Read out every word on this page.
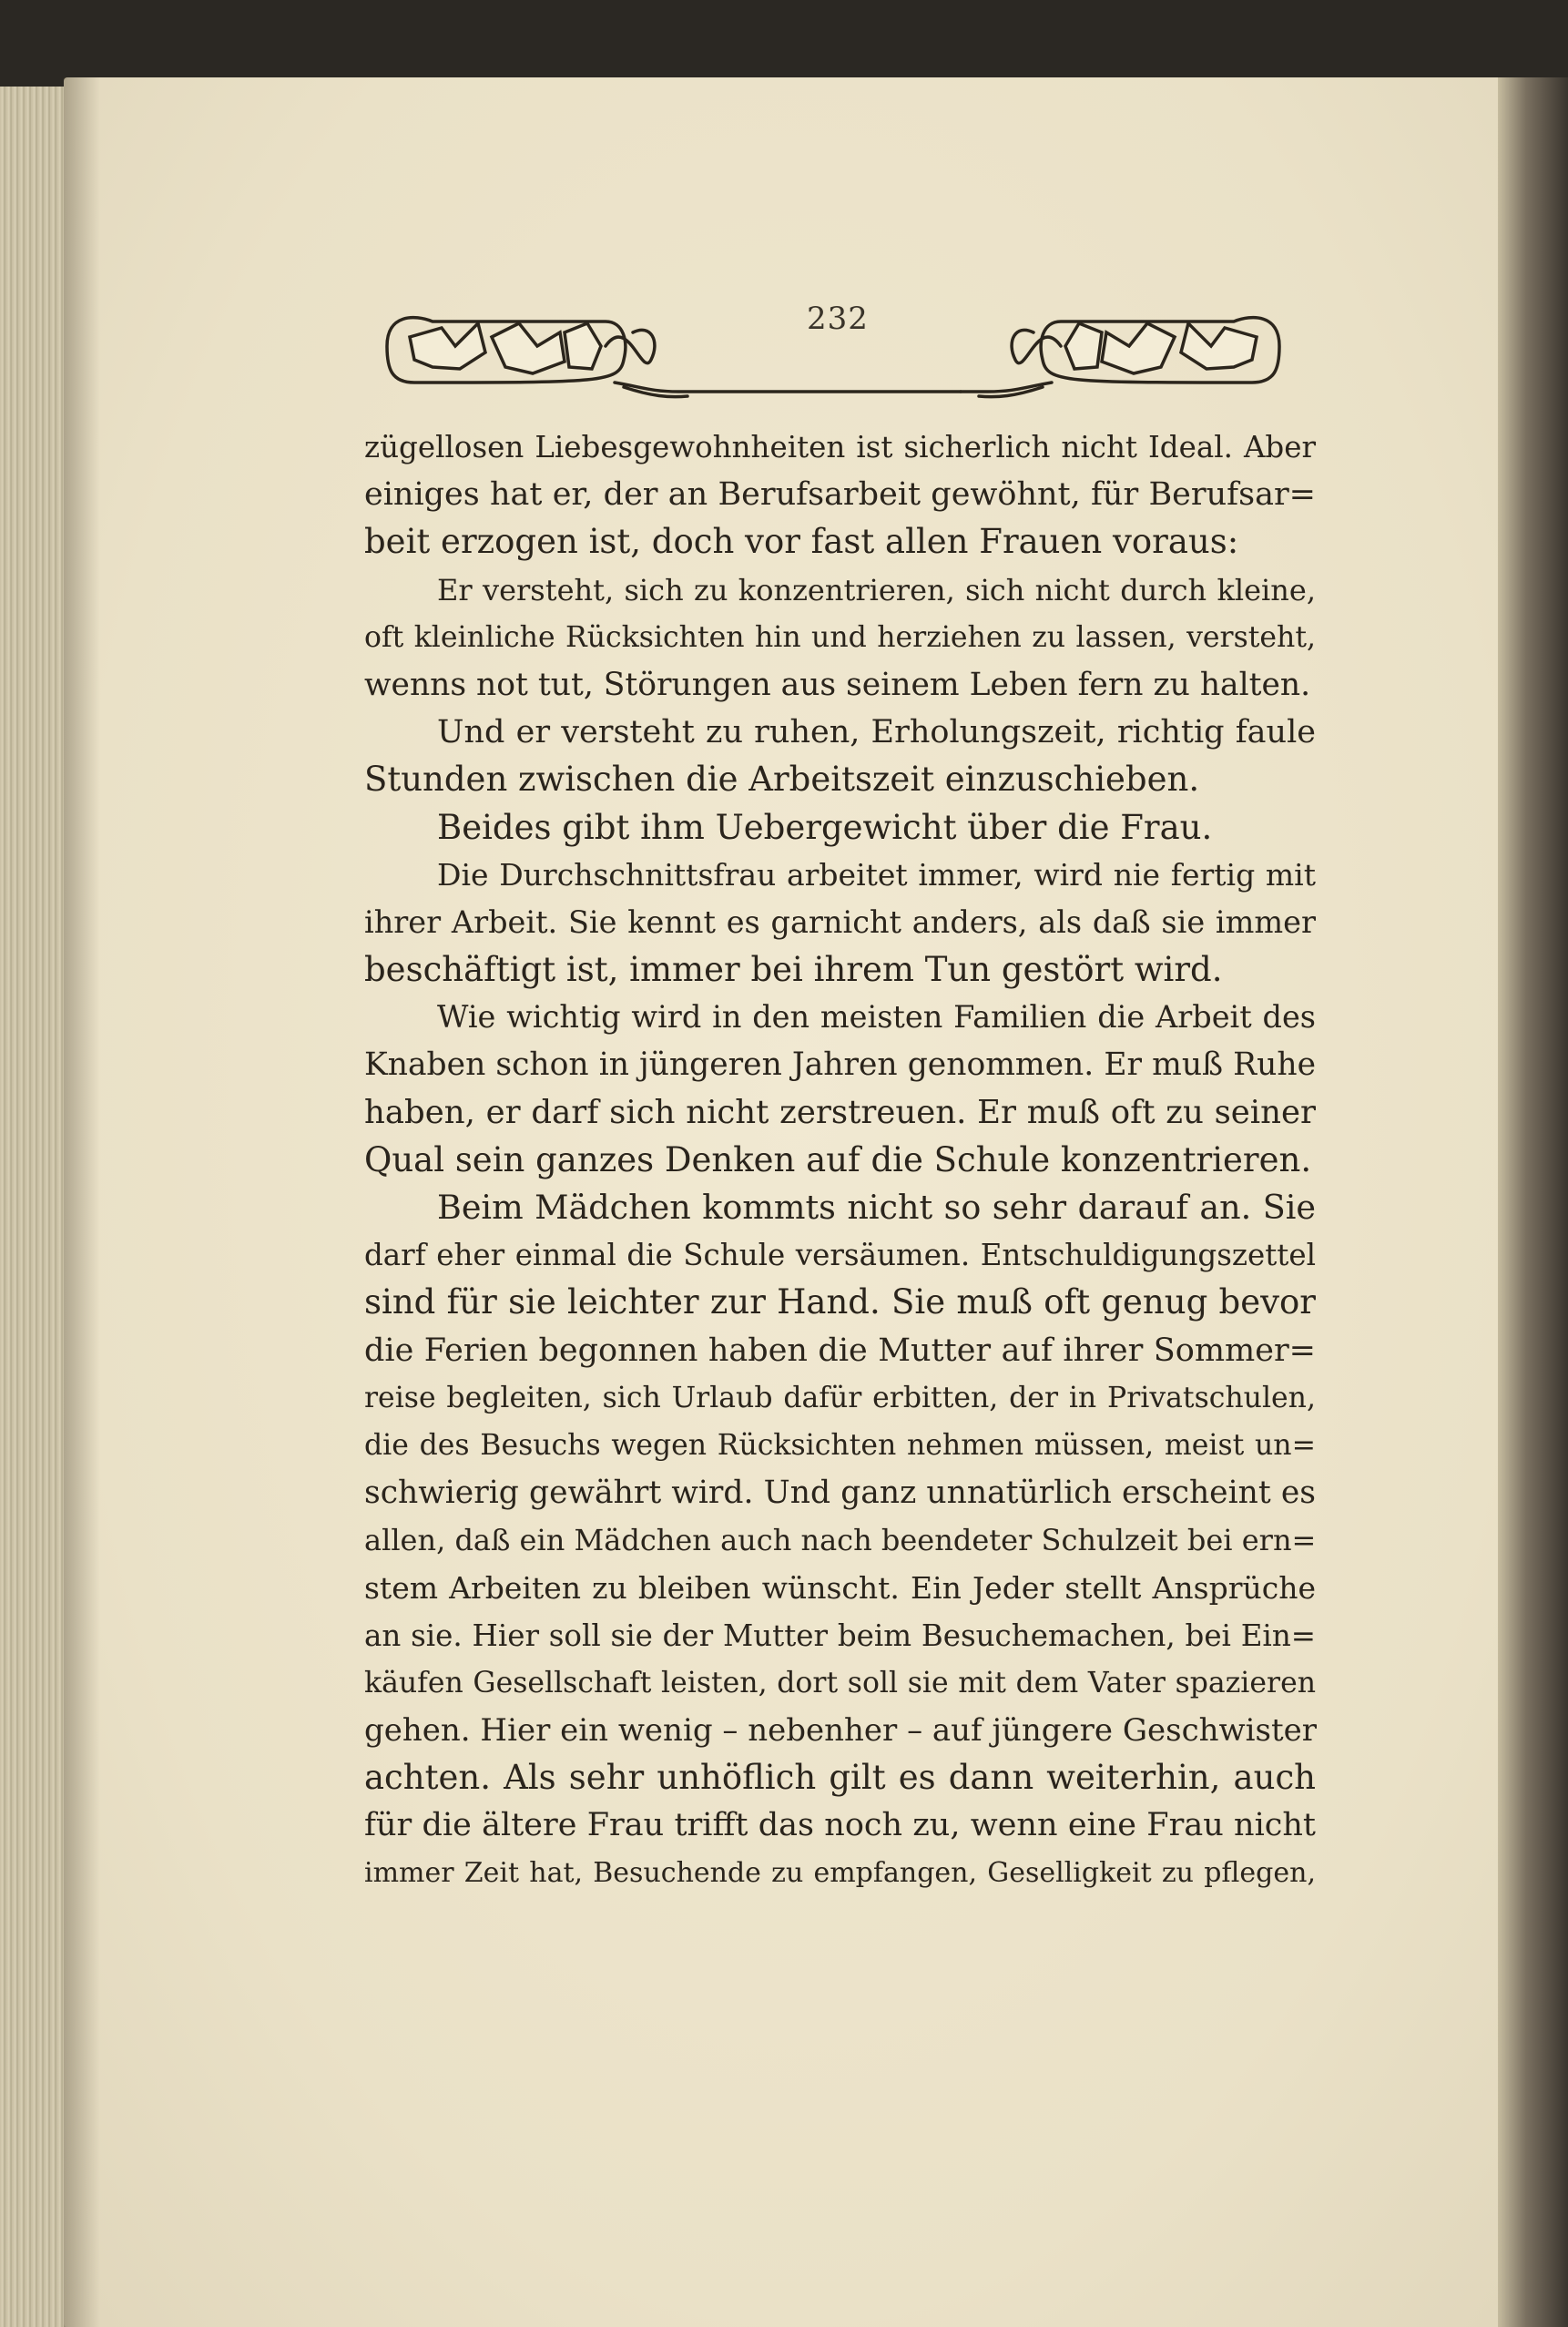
232
zügellosen Liebesgewohnheiten ist sicherlich nicht Ideal. Aber
einiges hat er, der an Berufsarbeit gewöhnt, für Berufsar=
beit erzogen ist, doch vor fast allen Frauen voraus:
Er versteht, sich zu konzentrieren, sich nicht durch kleine,
oft kleinliche Rücksichten hin und herziehen zu lassen, versteht,
wenns not tut, Störungen aus seinem Leben fern zu halten.
Und er versteht zu ruhen, Erholungszeit, richtig faule
Stunden zwischen die Arbeitszeit einzuschieben.
Beides gibt ihm Uebergewicht über die Frau.
Die Durchschnittsfrau arbeitet immer, wird nie fertig mit
ihrer Arbeit. Sie kennt es garnicht anders, als daß sie immer
beschäftigt ist, immer bei ihrem Tun gestört wird.
Wie wichtig wird in den meisten Familien die Arbeit des
Knaben schon in jüngeren Jahren genommen. Er muß Ruhe
haben, er darf sich nicht zerstreuen. Er muß oft zu seiner
Qual sein ganzes Denken auf die Schule konzentrieren.
Beim Mädchen kommts nicht so sehr darauf an. Sie
darf eher einmal die Schule versäumen. Entschuldigungszettel
sind für sie leichter zur Hand. Sie muß oft genug bevor
die Ferien begonnen haben die Mutter auf ihrer Sommer=
reise begleiten, sich Urlaub dafür erbitten, der in Privatschulen,
die des Besuchs wegen Rücksichten nehmen müssen, meist un=
schwierig gewährt wird. Und ganz unnatürlich erscheint es
allen, daß ein Mädchen auch nach beendeter Schulzeit bei ern=
stem Arbeiten zu bleiben wünscht. Ein Jeder stellt Ansprüche
an sie. Hier soll sie der Mutter beim Besuchemachen, bei Ein=
käufen Gesellschaft leisten, dort soll sie mit dem Vater spazieren
gehen. Hier ein wenig – nebenher – auf jüngere Geschwister
achten. Als sehr unhöflich gilt es dann weiterhin, auch
für die ältere Frau trifft das noch zu, wenn eine Frau nicht
immer Zeit hat, Besuchende zu empfangen, Geselligkeit zu pflegen,
